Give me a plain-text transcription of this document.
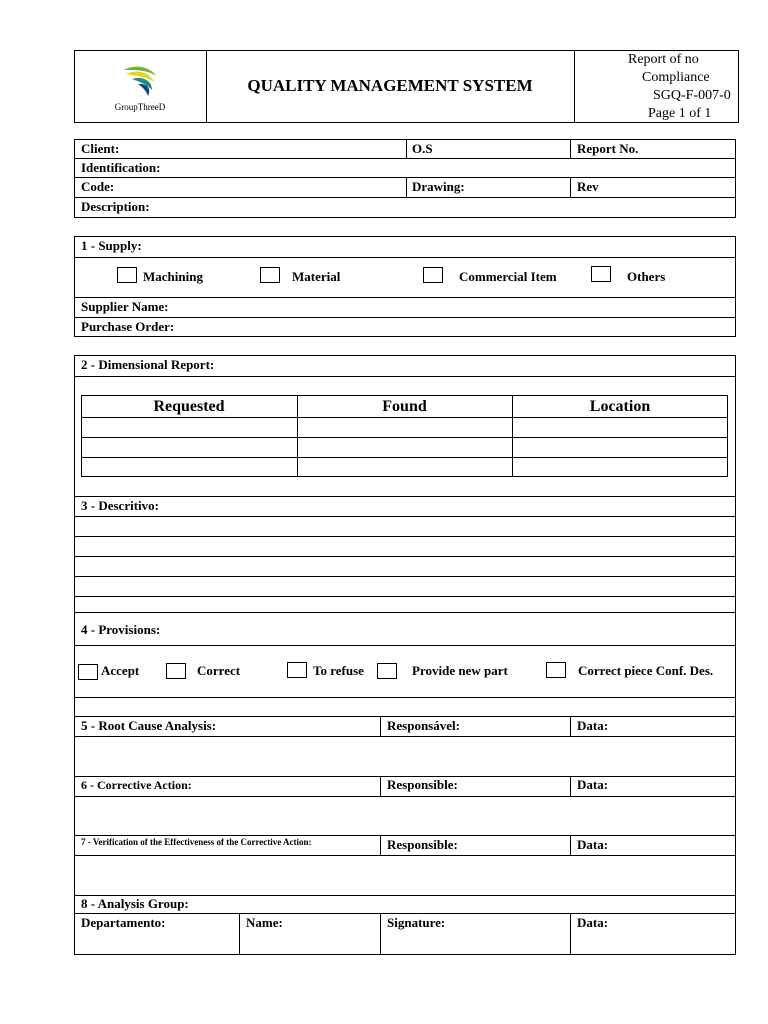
GroupThreeD
QUALITY MANAGEMENT SYSTEM
Report of no
Compliance
SGQ-F-007-0
Page 1 of 1
Client:	O.S	Report No.
Identification:
Code:	Drawing:	Rev
Description:
1 - Supply:
Machining	Material	Commercial Item	Others
Supplier Name:
Purchase Order:
2 - Dimensional Report:
Requested	Found	Location
3 - Descritivo:
4 - Provisions:
Accept	Correct	To refuse	Provide new part	Correct piece Conf. Des.
5 - Root Cause Analysis:	Responsável:	Data:
6 - Corrective Action:	Responsible:	Data:
7 - Verification of the Effectiveness of the Corrective Action:	Responsible:	Data:
8 - Analysis Group:
Departamento:	Name:	Signature:	Data:
